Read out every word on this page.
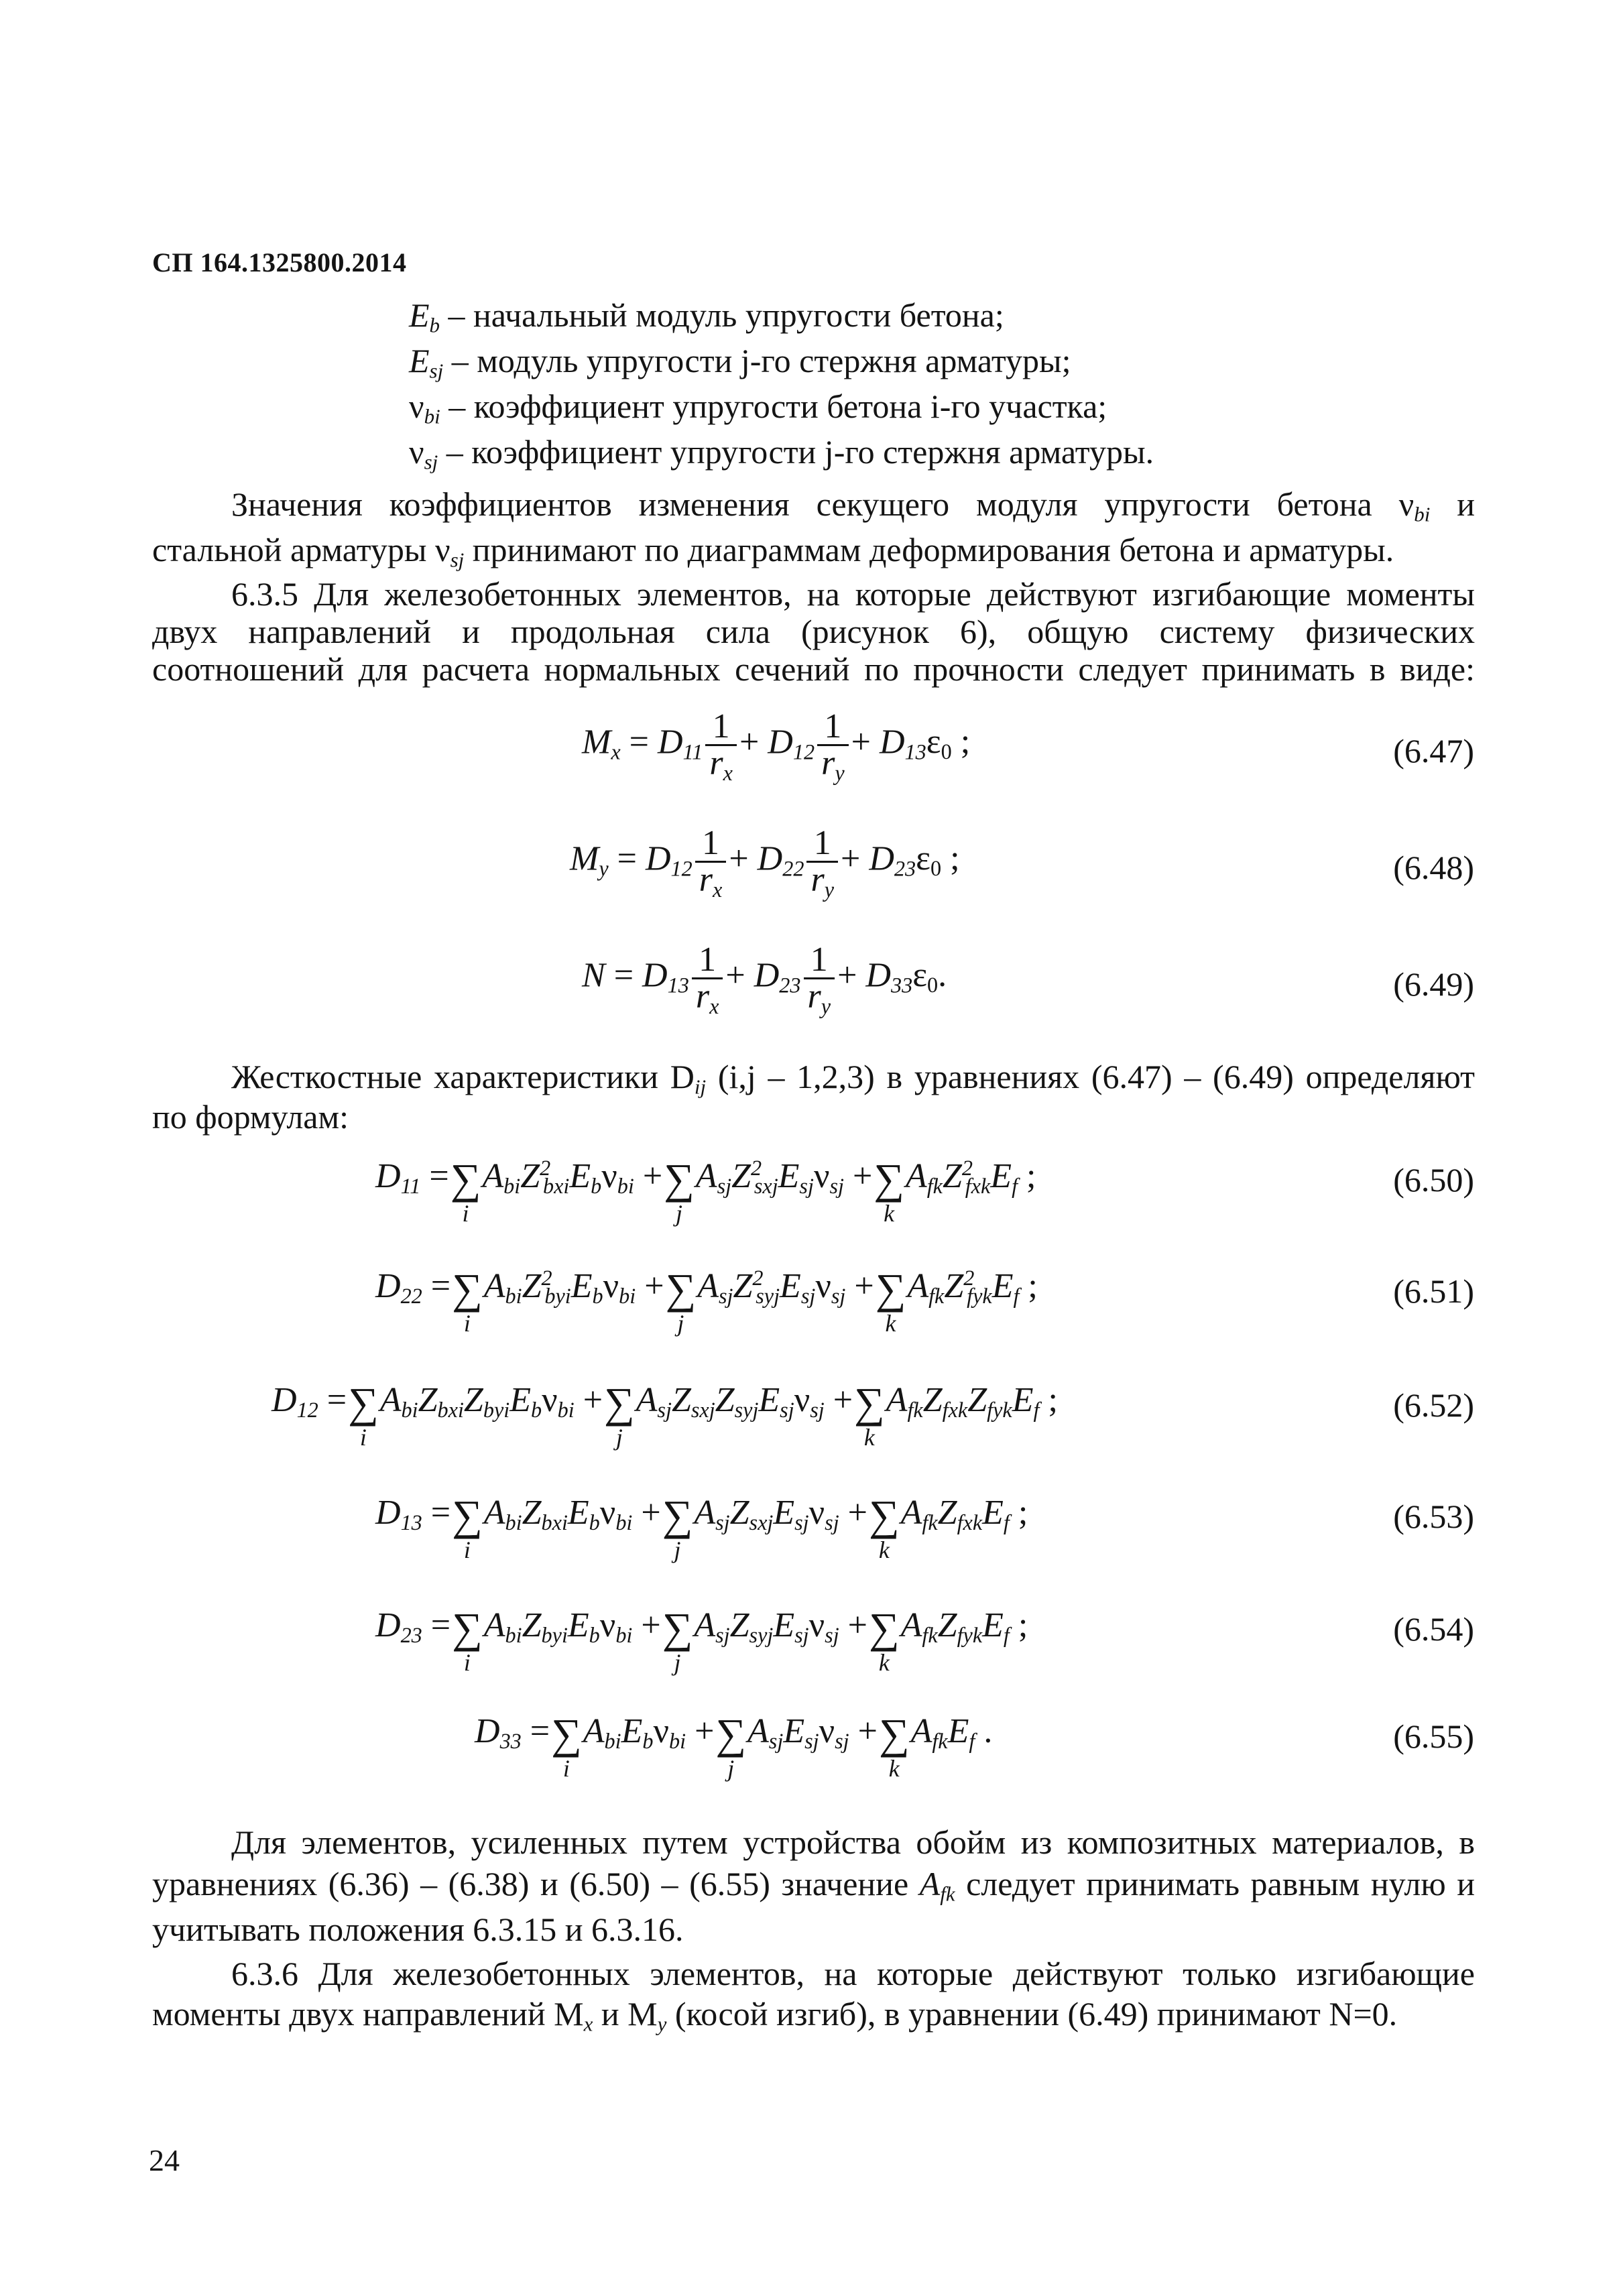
СП 164.1325800.2014
$E_b$ – начальный модуль упругости бетона;
$E_{sj}$ – модуль упругости j-го стержня арматуры;
$\nu_{bi}$ – коэффициент упругости бетона i-го участка;
$\nu_{sj}$ – коэффициент упругости j-го стержня арматуры.
Значения коэффициентов изменения секущего модуля упругости бетона $\nu_{bi}$ и
стальной арматуры $\nu_{sj}$ принимают по диаграммам деформирования бетона и арматуры.
6.3.5 Для железобетонных элементов, на которые действуют изгибающие моменты
двух направлений и продольная сила (рисунок 6), общую систему физических
соотношений для расчета нормальных сечений по прочности следует принимать в виде:
$M_x = D_{11} \frac{1}{r_x} + D_{12} \frac{1}{r_y} + D_{13}\varepsilon_0$ ;	(6.47)
$M_y = D_{12} \frac{1}{r_x} + D_{22} \frac{1}{r_y} + D_{23}\varepsilon_0$ ;	(6.48)
$N = D_{13} \frac{1}{r_x} + D_{23} \frac{1}{r_y} + D_{33}\varepsilon_0$.	(6.49)
Жесткостные характеристики $D_{ij}$ (i,j – 1,2,3) в уравнениях (6.47) – (6.49) определяют
по формулам:
$D_{11}$ = ∑
i
$A_{bi}Z^2_{bxi}E_b\nu_{bi}$ + ∑
j
$A_{sj}Z^2_{sxj}E_{sj}\nu_{sj}$ + ∑
k
$A_{fk}Z^2_{fxk}E_f$ ;	(6.50)
$D_{22}$ = ∑
i
$A_{bi}Z^2_{byi}E_b\nu_{bi}$ + ∑
j
$A_{sj}Z^2_{syj}E_{sj}\nu_{sj}$ + ∑
k
$A_{fk}Z^2_{fyk}E_f$ ;	(6.51)
$D_{12}$ = ∑
i
$A_{bi}Z_{bxi}Z_{byi}E_b\nu_{bi}$ + ∑
j
$A_{sj}Z_{sxj}Z_{syj}E_{sj}\nu_{sj}$ + ∑
k
$A_{fk}Z_{fxk}Z_{fyk}E_f$ ;	(6.52)
$D_{13}$ = ∑
i
$A_{bi}Z_{bxi}E_b\nu_{bi}$ + ∑
j
$A_{sj}Z_{sxj}E_{sj}\nu_{sj}$ + ∑
k
$A_{fk}Z_{fxk}E_f$ ;	(6.53)
$D_{23}$ = ∑
i
$A_{bi}Z_{byi}E_b\nu_{bi}$ + ∑
j
$A_{sj}Z_{syj}E_{sj}\nu_{sj}$ + ∑
k
$A_{fk}Z_{fyk}E_f$ ;	(6.54)
$D_{33}$ = ∑
i
$A_{bi}E_b\nu_{bi}$ + ∑
j
$A_{sj}E_{sj}\nu_{sj}$ + ∑
k
$A_{fk}E_f$ .	(6.55)
Для элементов, усиленных путем устройства обойм из композитных материалов, в
уравнениях (6.36) – (6.38) и (6.50) – (6.55) значение $A_{fk}$ следует принимать равным нулю и
учитывать положения 6.3.15 и 6.3.16.
6.3.6 Для железобетонных элементов, на которые действуют только изгибающие
моменты двух направлений $M_x$ и $M_y$ (косой изгиб), в уравнении (6.49) принимают N=0.
24
